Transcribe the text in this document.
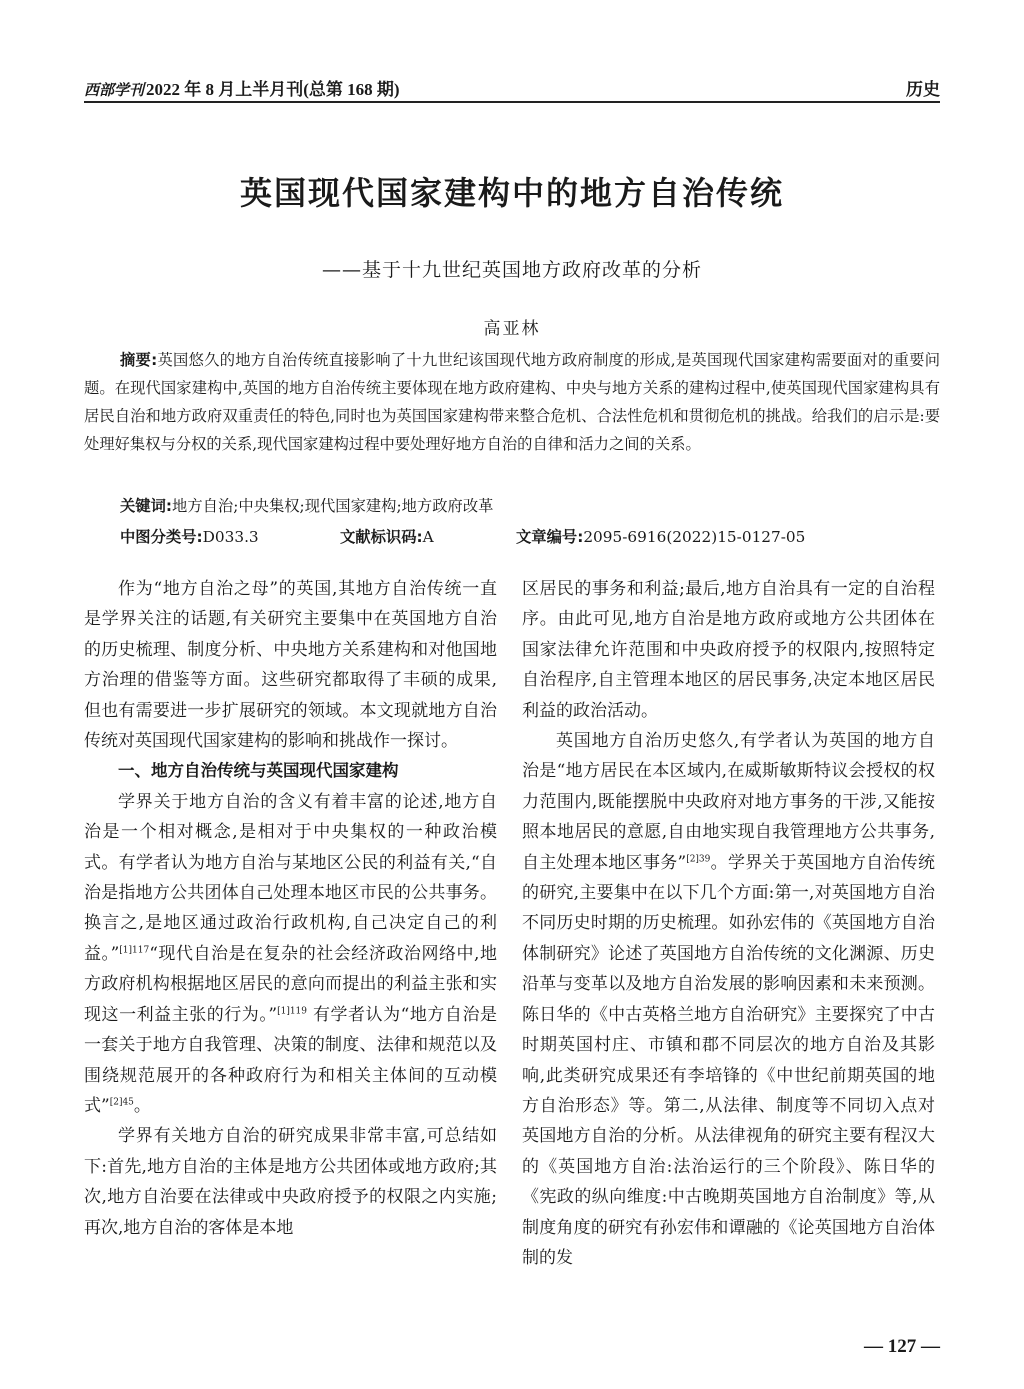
西部学刊 2022 年 8 月上半月刊(总第 168 期)	历史
英国现代国家建构中的地方自治传统
——基于十九世纪英国地方政府改革的分析
高亚林

摘要:英国悠久的地方自治传统直接影响了十九世纪该国现代地方政府制度的形成,是英国现代国家建构需要面对的重要问题。在现代国家建构中,英国的地方自治传统主要体现在地方政府建构、中央与地方关系的建构过程中,使英国现代国家建构具有居民自治和地方政府双重责任的特色,同时也为英国国家建构带来整合危机、合法性危机和贯彻危机的挑战。给我们的启示是:要处理好集权与分权的关系,现代国家建构过程中要处理好地方自治的自律和活力之间的关系。

关键词:地方自治;中央集权;现代国家建构;地方政府改革
中图分类号:D033.3	文献标识码:A	文章编号:2095-6916(2022)15-0127-05

作为“地方自治之母”的英国,其地方自治传统一直是学界关注的话题,有关研究主要集中在英国地方自治的历史梳理、制度分析、中央地方关系建构和对他国地方治理的借鉴等方面。这些研究都取得了丰硕的成果,但也有需要进一步扩展研究的领域。本文现就地方自治传统对英国现代国家建构的影响和挑战作一探讨。

一、地方自治传统与英国现代国家建构

学界关于地方自治的含义有着丰富的论述,地方自治是一个相对概念,是相对于中央集权的一种政治模式。有学者认为地方自治与某地区公民的利益有关,“自治是指地方公共团体自己处理本地区市民的公共事务。换言之,是地区通过政治行政机构,自己决定自己的利益。”$^{[1]117}$“现代自治是在复杂的社会经济政治网络中,地方政府机构根据地区居民的意向而提出的利益主张和实现这一利益主张的行为。”$^{[1]119}$ 有学者认为“地方自治是一套关于地方自我管理、决策的制度、法律和规范以及围绕规范展开的各种政府行为和相关主体间的互动模式”$^{[2]45}$。

学界有关地方自治的研究成果非常丰富,可总结如下:首先,地方自治的主体是地方公共团体或地方政府;其次,地方自治要在法律或中央政府授予的权限之内实施;再次,地方自治的客体是本地

区居民的事务和利益;最后,地方自治具有一定的自治程序。由此可见,地方自治是地方政府或地方公共团体在国家法律允许范围和中央政府授予的权限内,按照特定自治程序,自主管理本地区的居民事务,决定本地区居民利益的政治活动。

英国地方自治历史悠久,有学者认为英国的地方自治是“地方居民在本区域内,在威斯敏斯特议会授权的权力范围内,既能摆脱中央政府对地方事务的干涉,又能按照本地居民的意愿,自由地实现自我管理地方公共事务,自主处理本地区事务”$^{[2]39}$。学界关于英国地方自治传统的研究,主要集中在以下几个方面:第一,对英国地方自治不同历史时期的历史梳理。如孙宏伟的《英国地方自治体制研究》论述了英国地方自治传统的文化渊源、历史沿革与变革以及地方自治发展的影响因素和未来预测。陈日华的《中古英格兰地方自治研究》主要探究了中古时期英国村庄、市镇和郡不同层次的地方自治及其影响,此类研究成果还有李培锋的《中世纪前期英国的地方自治形态》等。第二,从法律、制度等不同切入点对英国地方自治的分析。从法律视角的研究主要有程汉大的《英国地方自治:法治运行的三个阶段》、陈日华的《宪政的纵向维度:中古晚期英国地方自治制度》等,从制度角度的研究有孙宏伟和谭融的《论英国地方自治体制的发

— 127 —
